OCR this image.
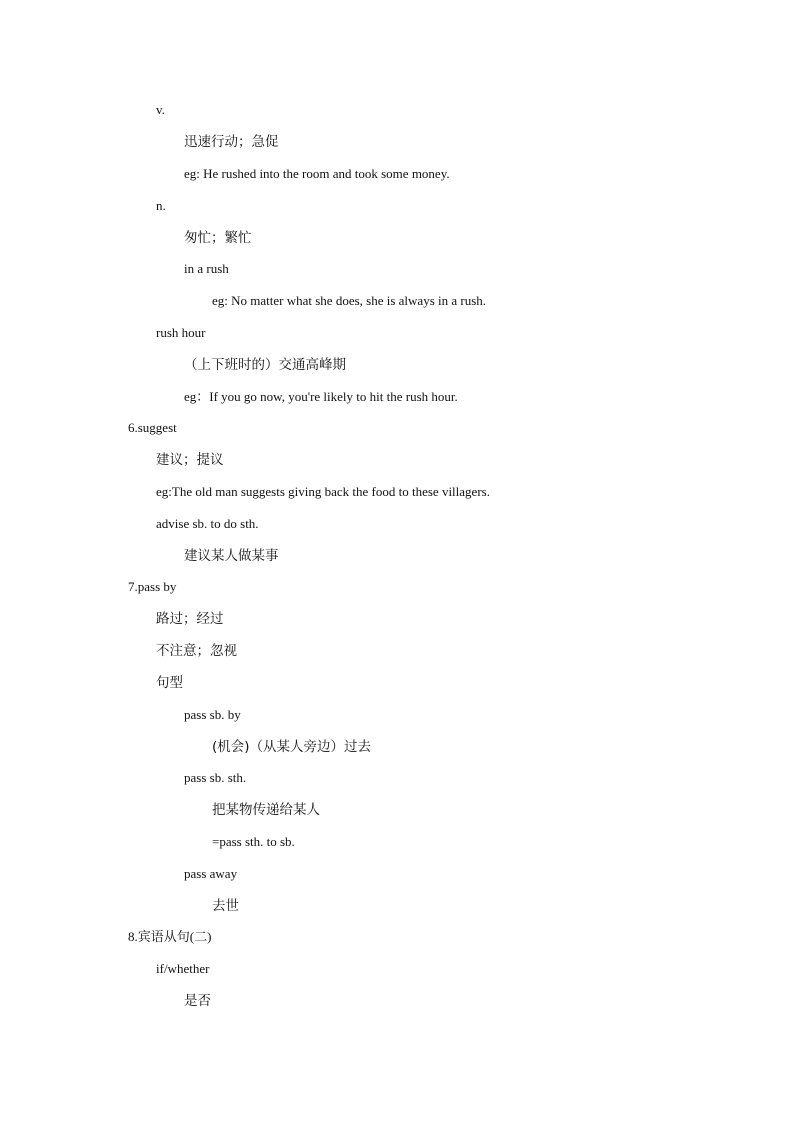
v.
迅速行动；急促
eg: He rushed into the room and took some money.
n.
匆忙；繁忙
in a rush
eg: No matter what she does, she is always in a rush.
rush hour
（上下班时的）交通高峰期
eg：If you go now, you're likely to hit the rush hour.
6.suggest
建议；提议
eg:The old man suggests giving back the food to these villagers.
advise sb. to do sth.
建议某人做某事
7.pass by
路过；经过
不注意；忽视
句型
pass sb. by
(机会)（从某人旁边）过去
pass sb. sth.
把某物传递给某人
=pass sth. to sb.
pass away
去世
8.宾语从句(二)
if/whether
是否
